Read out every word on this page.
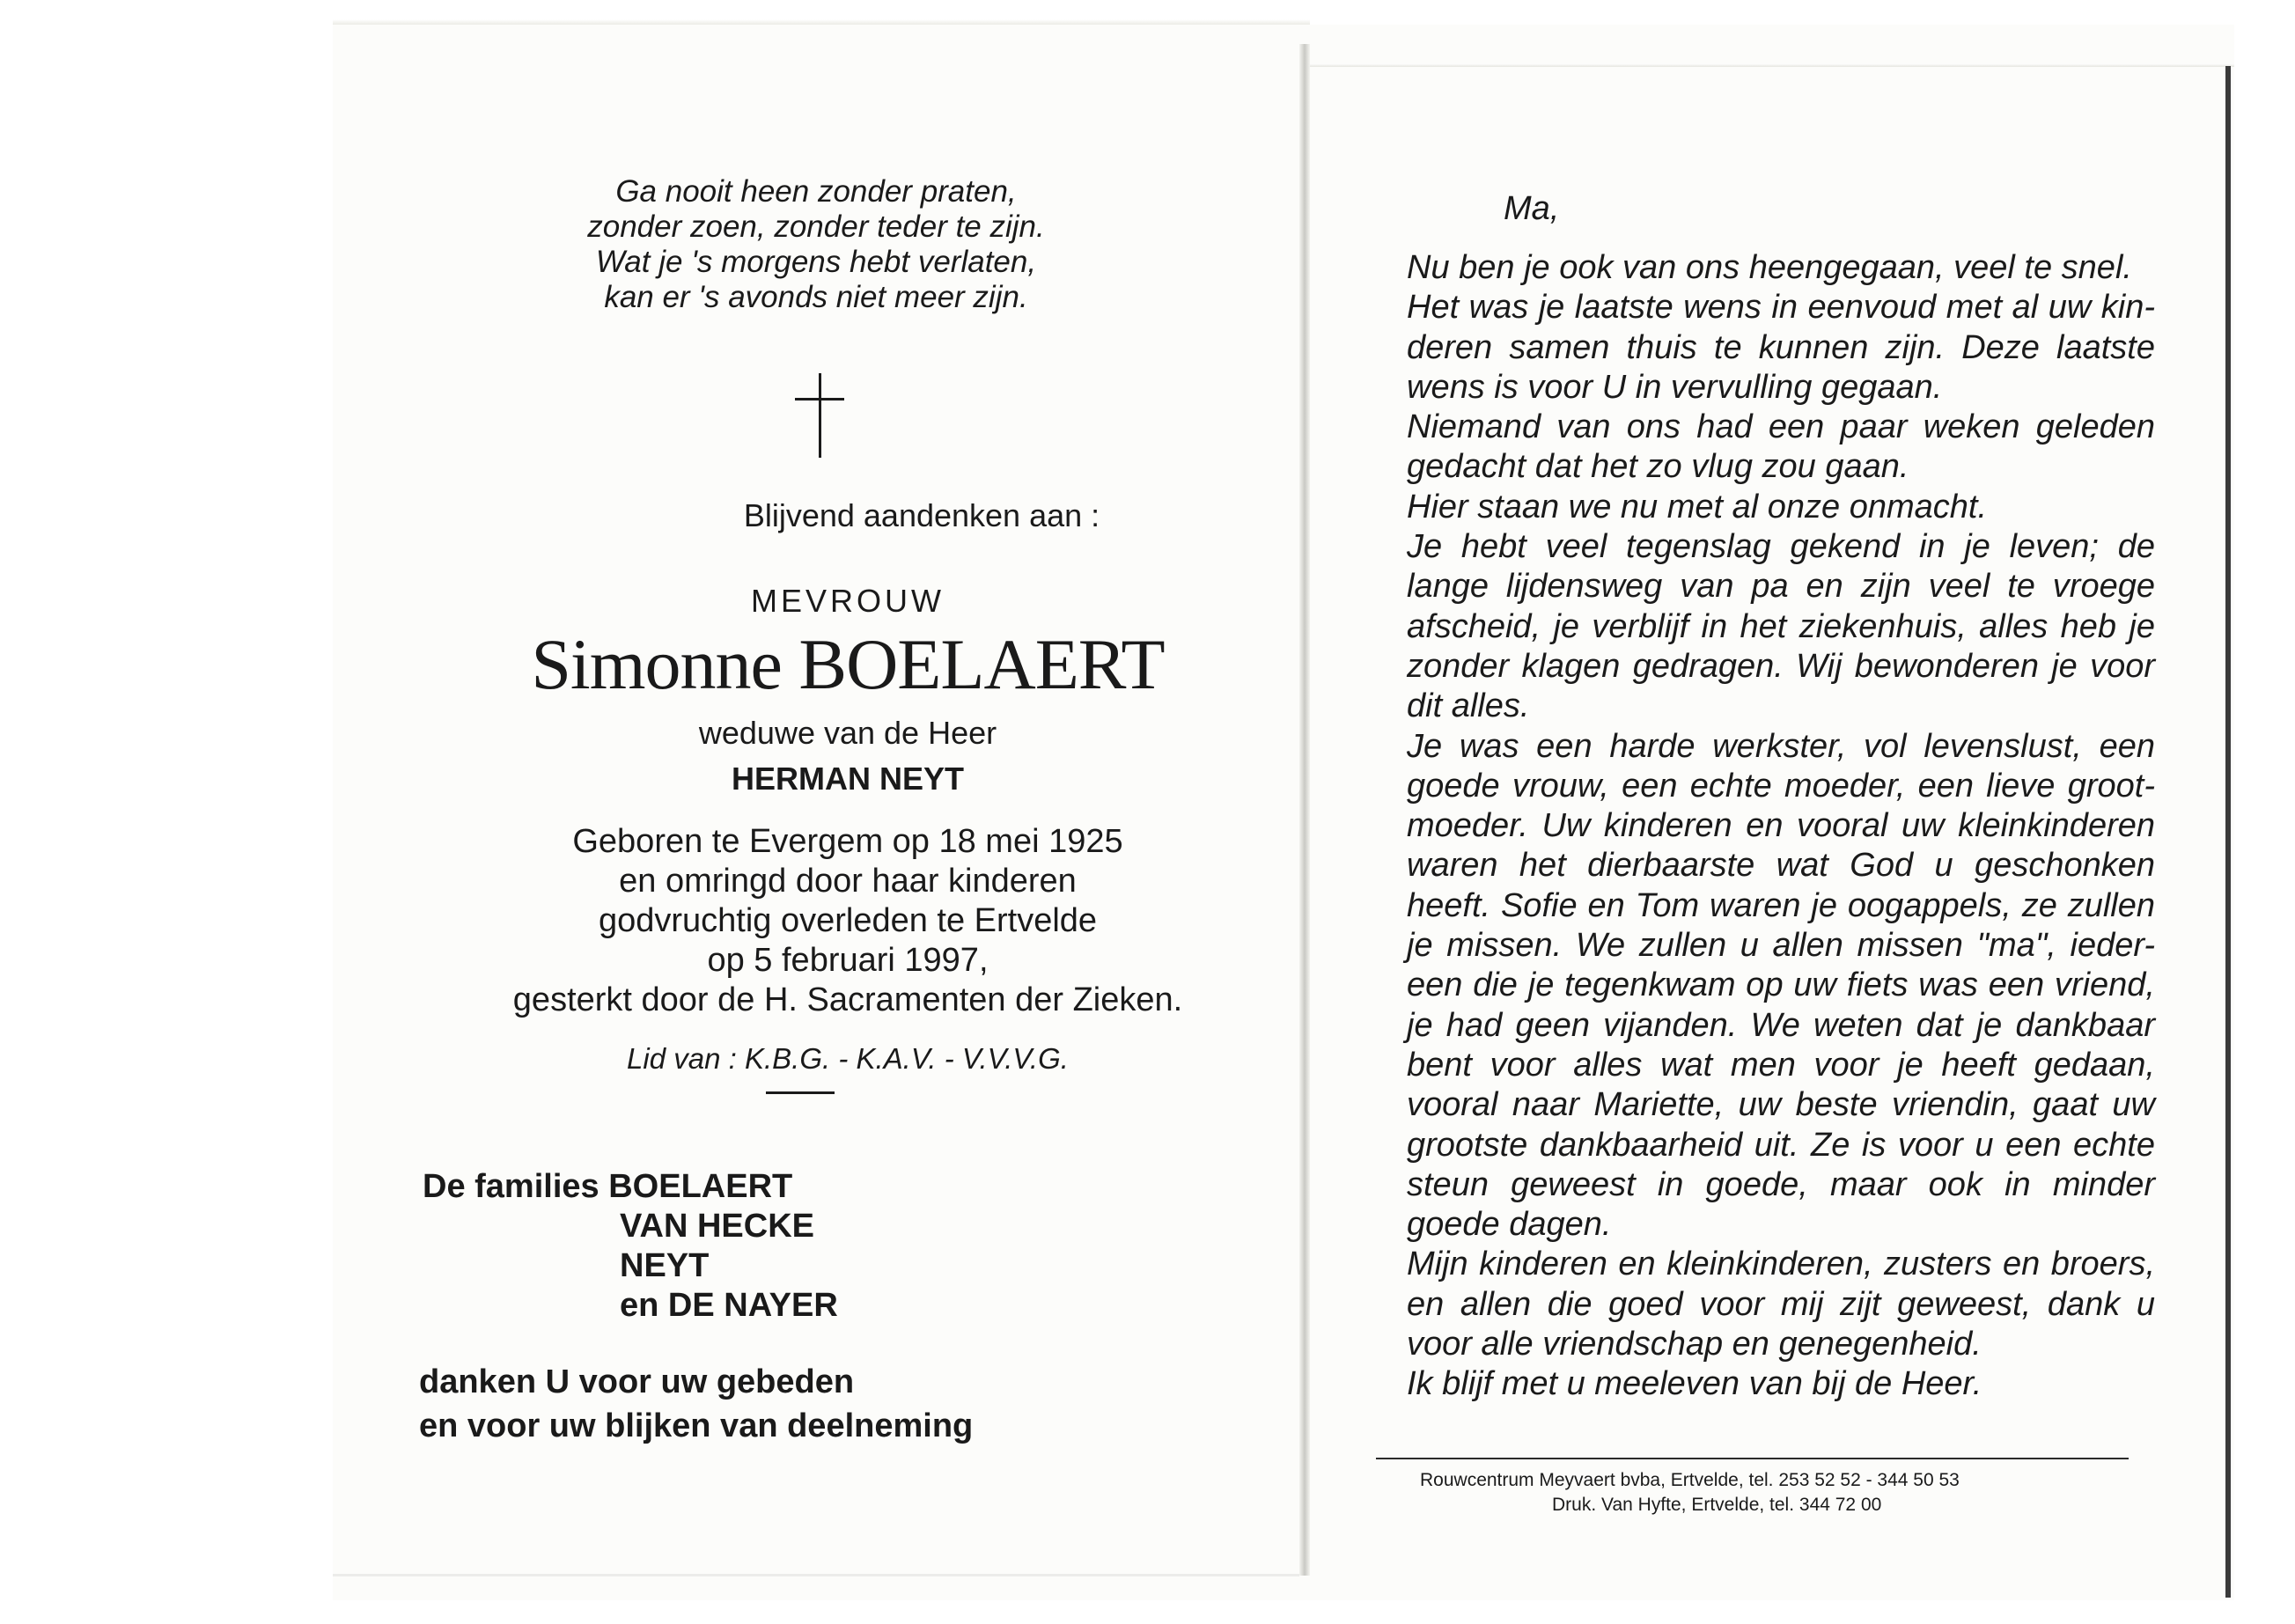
Ga nooit heen zonder praten,
zonder zoen, zonder teder te zijn.
Wat je 's morgens hebt verlaten,
kan er 's avonds niet meer zijn.
Blijvend aandenken aan :
MEVROUW
Simonne BOELAERT
weduwe van de Heer
HERMAN NEYT
Geboren te Evergem op 18 mei 1925
en omringd door haar kinderen
godvruchtig overleden te Ertvelde
op 5 februari 1997,
gesterkt door de H. Sacramenten der Zieken.
Lid van : K.B.G. - K.A.V. - V.V.V.G.
De families BOELAERT
VAN HECKE
NEYT
en DE NAYER
danken U voor uw gebeden
en voor uw blijken van deelneming
Ma,
Nu ben je ook van ons heengegaan, veel te snel.
Het was je laatste wens in eenvoud met al uw kin-
deren samen thuis te kunnen zijn. Deze laatste
wens is voor U in vervulling gegaan.
Niemand van ons had een paar weken geleden
gedacht dat het zo vlug zou gaan.
Hier staan we nu met al onze onmacht.
Je hebt veel tegenslag gekend in je leven; de
lange lijdensweg van pa en zijn veel te vroege
afscheid, je verblijf in het ziekenhuis, alles heb je
zonder klagen gedragen. Wij bewonderen je voor
dit alles.
Je was een harde werkster, vol levenslust, een
goede vrouw, een echte moeder, een lieve groot-
moeder. Uw kinderen en vooral uw kleinkinderen
waren het dierbaarste wat God u geschonken
heeft. Sofie en Tom waren je oogappels, ze zullen
je missen. We zullen u allen missen "ma", ieder-
een die je tegenkwam op uw fiets was een vriend,
je had geen vijanden. We weten dat je dankbaar
bent voor alles wat men voor je heeft gedaan,
vooral naar Mariette, uw beste vriendin, gaat uw
grootste dankbaarheid uit. Ze is voor u een echte
steun geweest in goede, maar ook in minder
goede dagen.
Mijn kinderen en kleinkinderen, zusters en broers,
en allen die goed voor mij zijt geweest, dank u
voor alle vriendschap en genegenheid.
Ik blijf met u meeleven van bij de Heer.
Rouwcentrum Meyvaert bvba, Ertvelde, tel. 253 52 52 - 344 50 53
Druk. Van Hyfte, Ertvelde, tel. 344 72 00
